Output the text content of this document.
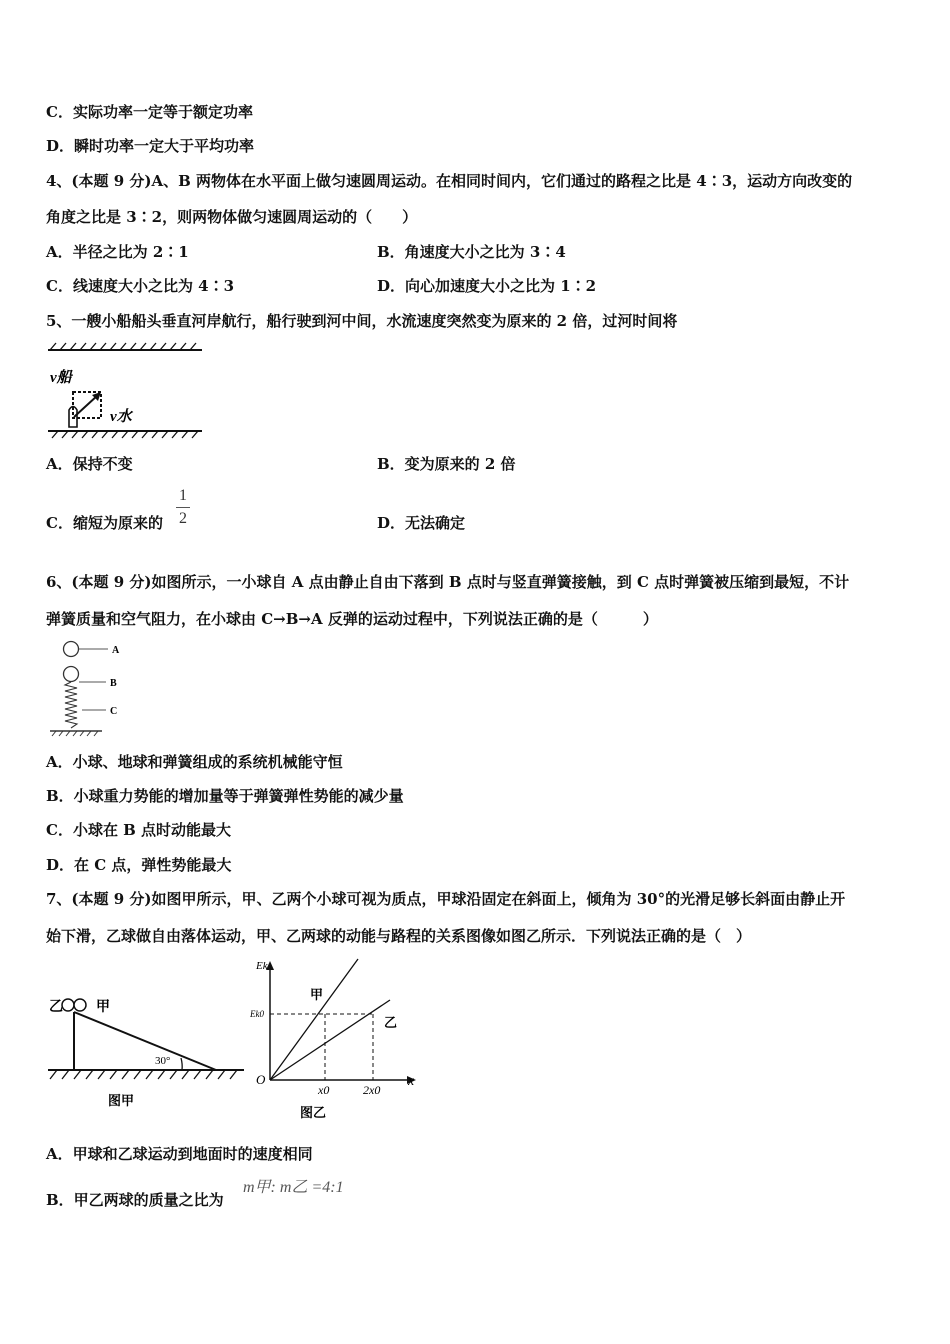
C．实际功率一定等于额定功率
D．瞬时功率一定大于平均功率
4、(本题 9 分)A、B 两物体在水平面上做匀速圆周运动。在相同时间内，它们通过的路程之比是 4∶3，运动方向改变的
角度之比是 3∶2，则两物体做匀速圆周运动的（　　）
A．半径之比为 2∶1	B．角速度大小之比为 3∶4
C．线速度大小之比为 4∶3	D．向心加速度大小之比为 1∶2
5、一艘小船船头垂直河岸航行，船行驶到河中间，水流速度突然变为原来的 2 倍，过河时间将
v船
v水
A．保持不变	B．变为原来的 2 倍
C．缩短为原来的
1
2	D．无法确定
6、(本题 9 分)如图所示，一小球自 A 点由静止自由下落到 B 点时与竖直弹簧接触，到 C 点时弹簧被压缩到最短，不计
弹簧质量和空气阻力，在小球由 C→B→A 反弹的运动过程中，下列说法正确的是（　　　）
A
B
C
A．小球、地球和弹簧组成的系统机械能守恒
B．小球重力势能的增加量等于弹簧弹性势能的减少量
C．小球在 B 点时动能最大
D．在 C 点，弹性势能最大
7、(本题 9 分)如图甲所示，甲、乙两个小球可视为质点，甲球沿固定在斜面上，倾角为 30°的光滑足够长斜面由静止开
始下滑，乙球做自由落体运动，甲、乙两球的动能与路程的关系图像如图乙所示．下列说法正确的是（　）
乙 甲
30°
图甲
Ek
Ek0
甲
乙
O
x0	2x0
x
图乙
A．甲球和乙球运动到地面时的速度相同
B．甲乙两球的质量之比为
m甲: m乙 =4:1
